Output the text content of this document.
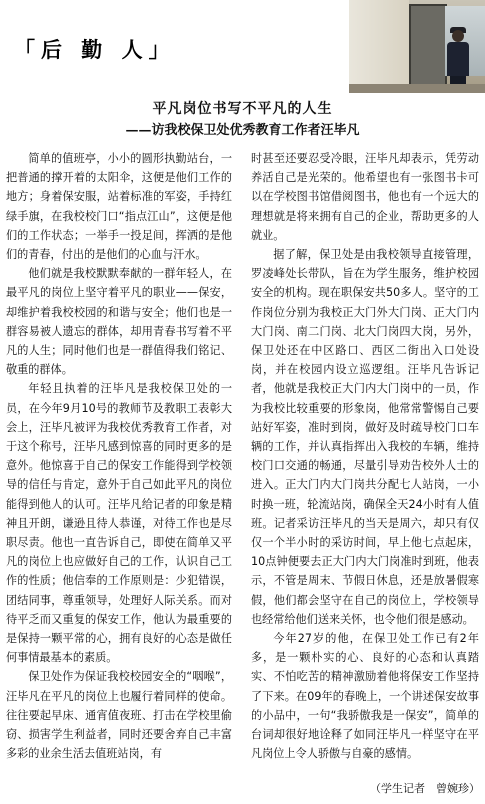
「后 勤 人」
平凡岗位书写不平凡的人生
——访我校保卫处优秀教育工作者汪毕凡

简单的值班亭，小小的圆形执勤站台，一把普通的撑开着的太阳伞，这便是他们工作的地方；身着保安服，站着标准的军姿，手持红绿手旗，在我校校门口“指点江山”，这便是他们的工作状态；一举手一投足间，挥洒的是他们的青春，付出的是他们的心血与汗水。

他们就是我校默默奉献的一群年轻人，在最平凡的岗位上坚守着平凡的职业——保安，却维护着我校校园的和谐与安全；他们也是一群容易被人遗忘的群体，却用青春书写着不平凡的人生；同时他们也是一群值得我们铭记、敬重的群体。

年轻且执着的汪毕凡是我校保卫处的一员，在今年9月10号的教师节及教职工表彰大会上，汪毕凡被评为我校优秀教育工作者，对于这个称号，汪毕凡感到惊喜的同时更多的是意外。他惊喜于自己的保安工作能得到学校领导的信任与肯定，意外于自己如此平凡的岗位能得到他人的认可。汪毕凡给记者的印象是精神且开朗，谦逊且待人恭谨，对待工作也是尽职尽责。他也一直告诉自己，即使在简单又平凡的岗位上也应做好自己的工作，认识自己工作的性质；他信奉的工作原则是：少犯错误，团结同事，尊重领导，处理好人际关系。而对待平乏而又重复的保安工作，他认为最重要的是保持一颗平常的心，拥有良好的心态是做任何事情最基本的素质。

保卫处作为保证我校校园安全的“咽喉”，汪毕凡在平凡的岗位上也履行着同样的使命。往往要起早床、通宵值夜班、打击在学校里偷窃、损害学生利益者，同时还要舍弃自己丰富多彩的业余生活去值班站岗，有

时甚至还要忍受冷眼，汪毕凡却表示，凭劳动养活自己是光荣的。他希望也有一张图书卡可以在学校图书馆借阅图书，他也有一个远大的理想就是将来拥有自己的企业，帮助更多的人就业。

据了解，保卫处是由我校领导直接管理，罗凌峰处长带队，旨在为学生服务，维护校园安全的机构。现在职保安共50多人。坚守的工作岗位分别为我校正大门外大门岗、正大门内大门岗、南二门岗、北大门岗四大岗，另外，保卫处还在中区路口、西区二街出入口处设岗，并在校园内设立巡逻组。汪毕凡告诉记者，他就是我校正大门内大门岗中的一员，作为我校比较重要的形象岗，他常常警惕自己要站好军姿，准时到岗，做好及时疏导校门口车辆的工作，并认真指挥出入我校的车辆，维持校门口交通的畅通，尽量引导劝告校外人士的进入。正大门内大门岗共分配七人站岗，一小时换一班，轮流站岗，确保全天24小时有人值班。记者采访汪毕凡的当天是周六，却只有仅仅一个半小时的采访时间，早上他七点起床，10点钟便要去正大门内大门岗准时到班，他表示，不管是周末、节假日休息，还是放暑假寒假，他们都会坚守在自己的岗位上，学校领导也经常给他们送来关怀，也令他们很是感动。

今年27岁的他，在保卫处工作已有2年多，是一颗朴实的心、良好的心态和认真踏实、不怕吃苦的精神激励着他将保安工作坚持了下来。在09年的春晚上，一个讲述保安故事的小品中，一句“我骄傲我是一保安”，简单的台词却很好地诠释了如同汪毕凡一样坚守在平凡岗位上令人骄傲与自豪的感情。

（学生记者　曾婉珍）
